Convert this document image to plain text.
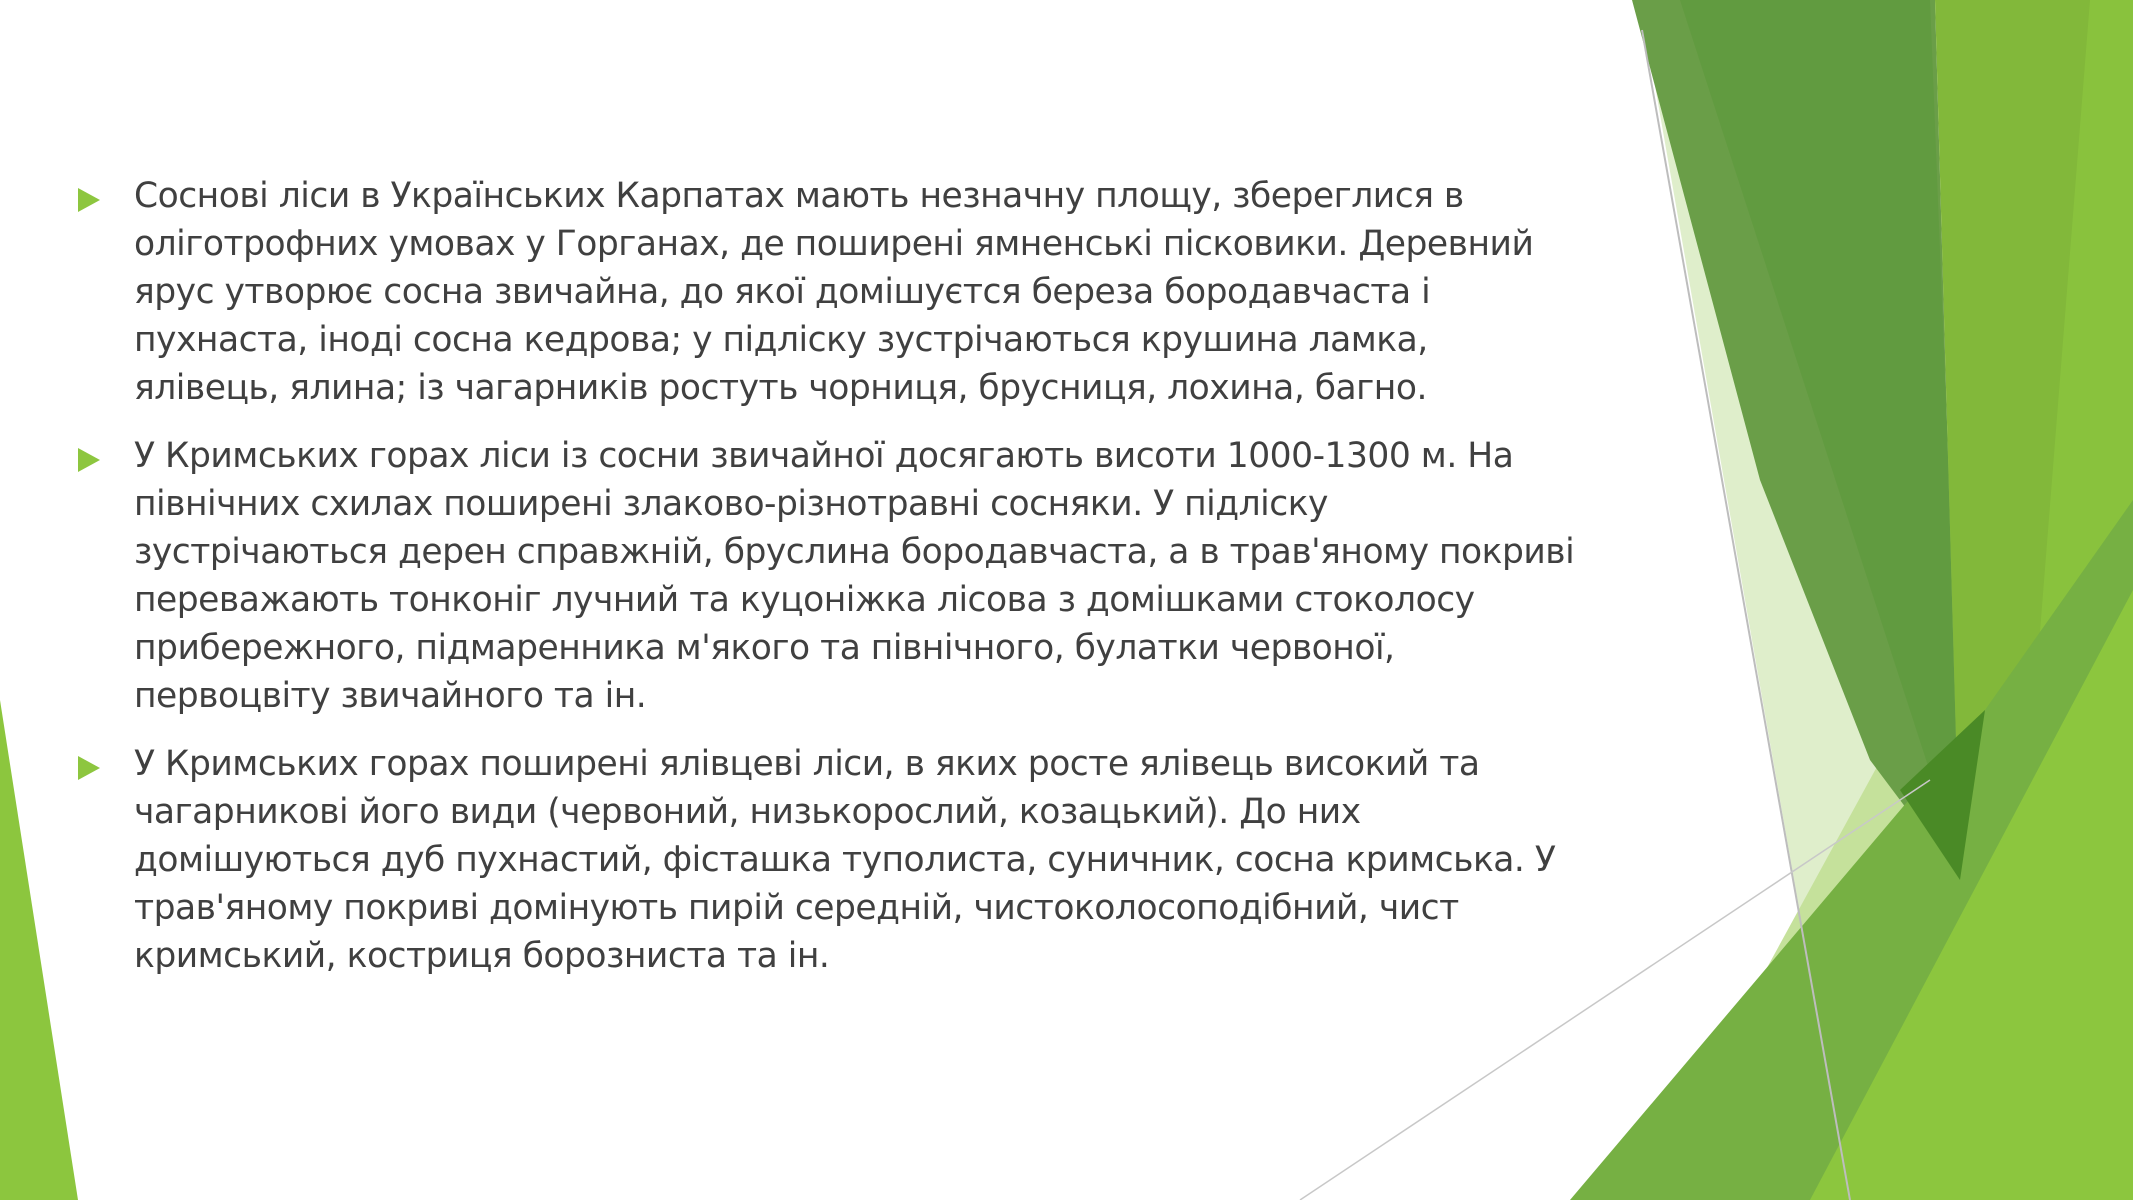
Соснові ліси в Українських Карпатах мають незначну площу, збереглися в
оліготрофних умовах у Горганах, де поширені ямненські пісковики. Деревний
ярус утворює сосна звичайна, до якої домішуєтся береза бородавчаста і
пухнаста, іноді сосна кедрова; у підліску зустрічаються крушина ламка,
ялівець, ялина; із чагарників ростуть чорниця, брусниця, лохина, багно.
У Кримських горах ліси із сосни звичайної досягають висоти 1000-1300 м. На
північних схилах поширені злаково-різнотравні сосняки. У підліску
зустрічаються дерен справжній, бруслина бородавчаста, а в трав'яному покриві
переважають тонконіг лучний та куцоніжка лісова з домішками стоколосу
прибережного, підмаренника м'якого та північного, булатки червоної,
первоцвіту звичайного та ін.
У Кримських горах поширені ялівцеві ліси, в яких росте ялівець високий та
чагарникові його види (червоний, низькорослий, козацький). До них
домішуються дуб пухнастий, фісташка туполиста, суничник, сосна кримська. У
трав'яному покриві домінують пирій середній, чистоколосоподібний, чист
кримський, костриця борозниста та ін.
